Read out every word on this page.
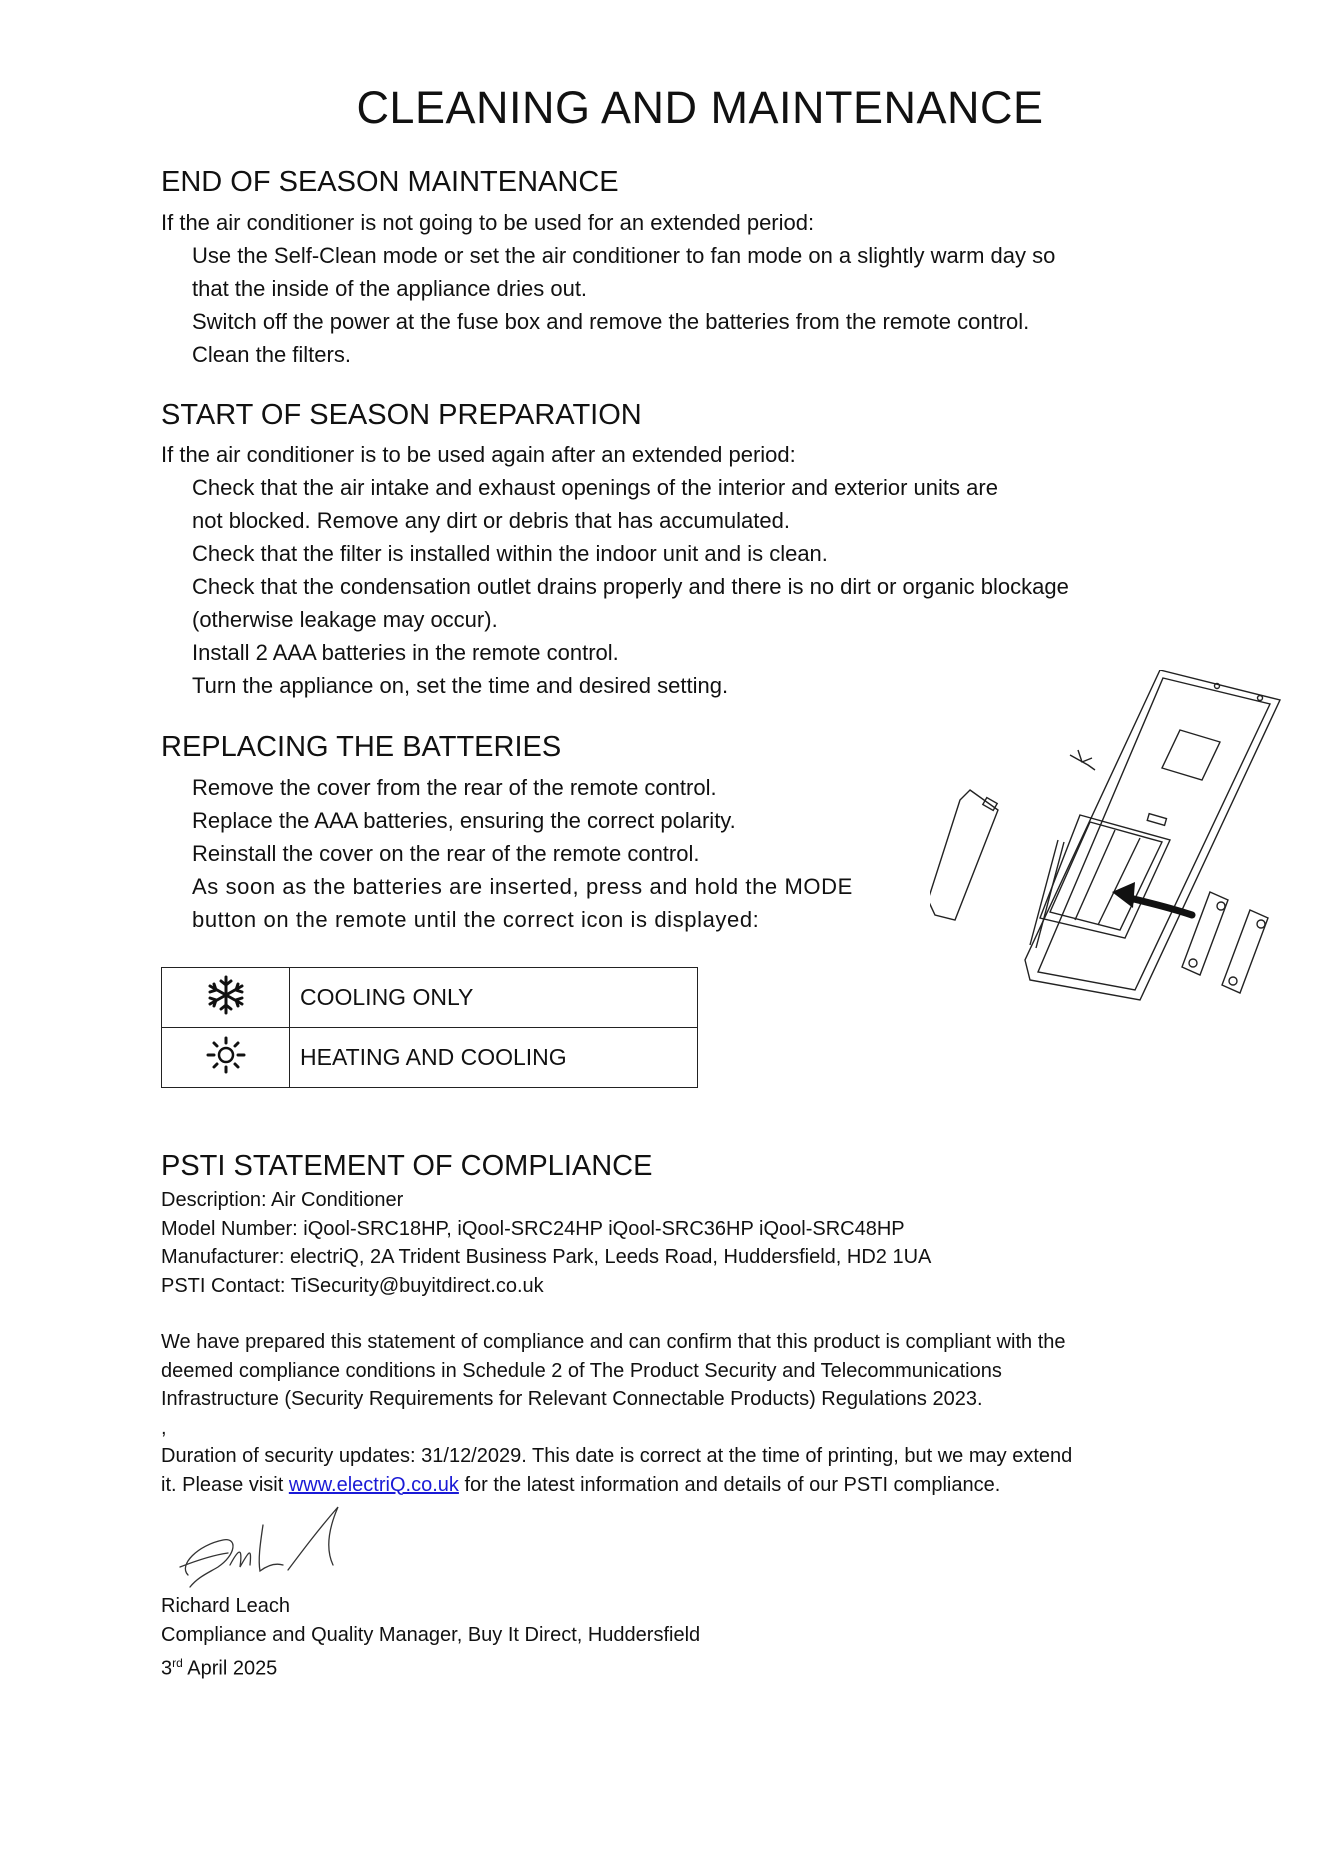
CLEANING AND MAINTENANCE
END OF SEASON MAINTENANCE

If the air conditioner is not going to be used for an extended period:

Use the Self-Clean mode or set the air conditioner to fan mode on a slightly warm day so
that the inside of the appliance dries out.
Switch off the power at the fuse box and remove the batteries from the remote control.
Clean the filters.
START OF SEASON PREPARATION

If the air conditioner is to be used again after an extended period:

Check that the air intake and exhaust openings of the interior and exterior units are
not blocked. Remove any dirt or debris that has accumulated.
Check that the filter is installed within the indoor unit and is clean.
Check that the condensation outlet drains properly and there is no dirt or organic blockage
(otherwise leakage may occur).
Install 2 AAA batteries in the remote control.
Turn the appliance on, set the time and desired setting.
REPLACING THE BATTERIES
Remove the cover from the rear of the remote control.
Replace the AAA batteries, ensuring the correct polarity.
Reinstall the cover on the rear of the remote control.
As soon as the batteries are inserted, press and hold the MODE
button on the remote until the correct icon is displayed:
	COOLING ONLY
	HEATING AND COOLING
PSTI STATEMENT OF COMPLIANCE

Description: Air Conditioner

Model Number: iQool-SRC18HP, iQool-SRC24HP iQool-SRC36HP iQool-SRC48HP

Manufacturer: electriQ, 2A Trident Business Park, Leeds Road, Huddersfield, HD2 1UA

PSTI Contact: TiSecurity@buyitdirect.co.uk

We have prepared this statement of compliance and can confirm that this product is compliant with the

deemed compliance conditions in Schedule 2 of The Product Security and Telecommunications

Infrastructure (Security Requirements for Relevant Connectable Products) Regulations 2023.

,

Duration of security updates: 31/12/2029. This date is correct at the time of printing, but we may extend

it. Please visit www.electriQ.co.uk for the latest information and details of our PSTI compliance.

Richard Leach

Compliance and Quality Manager, Buy It Direct, Huddersfield

3rd April 2025
